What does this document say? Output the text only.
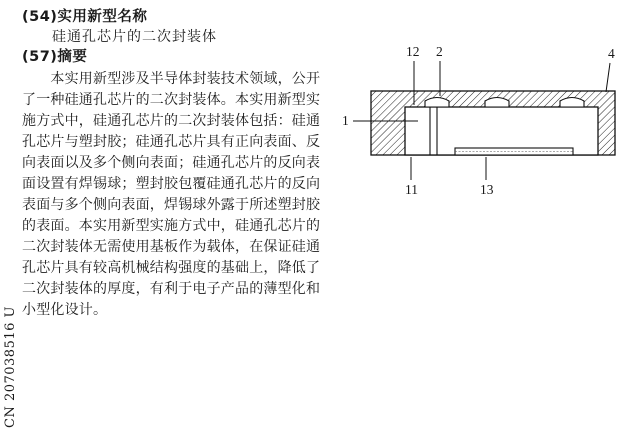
(54)实用新型名称
硅通孔芯片的二次封装体
(57)摘要
　　本实用新型涉及半导体封装技术领域，公开
了一种硅通孔芯片的二次封装体。本实用新型实
施方式中，硅通孔芯片的二次封装体包括：硅通
孔芯片与塑封胶；硅通孔芯片具有正向表面、反
向表面以及多个侧向表面；硅通孔芯片的反向表
面设置有焊锡球；塑封胶包覆硅通孔芯片的反向
表面与多个侧向表面，焊锡球外露于所述塑封胶
的表面。本实用新型实施方式中，硅通孔芯片的
二次封装体无需使用基板作为载体，在保证硅通
孔芯片具有较高机械结构强度的基础上，降低了
二次封装体的厚度，有利于电子产品的薄型化和
小型化设计。
CN 207038516 U
12 2	4
1
11	13
